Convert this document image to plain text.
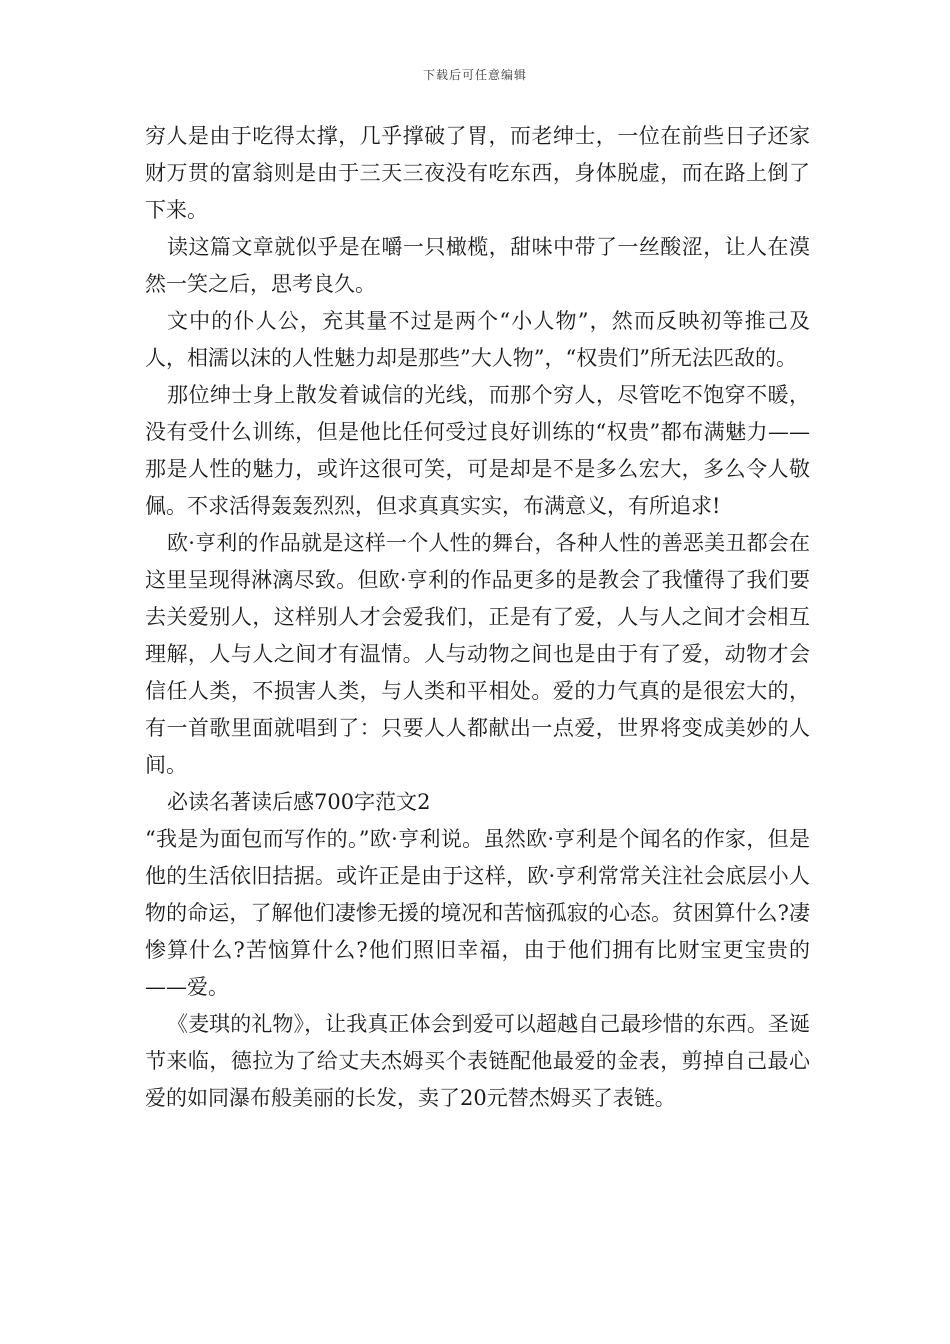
下载后可任意编辑

穷人是由于吃得太撑，几乎撑破了胃，而老绅士，一位在前些日子还家财万贯的富翁则是由于三天三夜没有吃东西，身体脱虚，而在路上倒了下来。

读这篇文章就似乎是在嚼一只橄榄，甜味中带了一丝酸涩，让人在漠然一笑之后，思考良久。

文中的仆人公，充其量不过是两个“小人物”，然而反映初等推己及人，相濡以沫的人性魅力却是那些”大人物”，“权贵们”所无法匹敌的。

那位绅士身上散发着诚信的光线，而那个穷人，尽管吃不饱穿不暖，没有受什么训练，但是他比任何受过良好训练的“权贵”都布满魅力——那是人性的魅力，或许这很可笑，可是却是不是多么宏大，多么令人敬佩。不求活得轰轰烈烈，但求真真实实，布满意义，有所追求!

欧·亨利的作品就是这样一个人性的舞台，各种人性的善恶美丑都会在这里呈现得淋漓尽致。但欧·亨利的作品更多的是教会了我懂得了我们要去关爱别人，这样别人才会爱我们，正是有了爱，人与人之间才会相互理解，人与人之间才有温情。人与动物之间也是由于有了爱，动物才会信任人类，不损害人类，与人类和平相处。爱的力气真的是很宏大的，有一首歌里面就唱到了：只要人人都献出一点爱，世界将变成美妙的人间。

必读名著读后感700字范文2

“我是为面包而写作的。”欧·亨利说。虽然欧·亨利是个闻名的作家，但是他的生活依旧拮据。或许正是由于这样，欧·亨利常常关注社会底层小人物的命运，了解他们凄惨无援的境况和苦恼孤寂的心态。贫困算什么?凄惨算什么?苦恼算什么?他们照旧幸福，由于他们拥有比财宝更宝贵的——爱。

《麦琪的礼物》，让我真正体会到爱可以超越自己最珍惜的东西。圣诞节来临，德拉为了给丈夫杰姆买个表链配他最爱的金表，剪掉自己最心爱的如同瀑布般美丽的长发，卖了20元替杰姆买了表链。
